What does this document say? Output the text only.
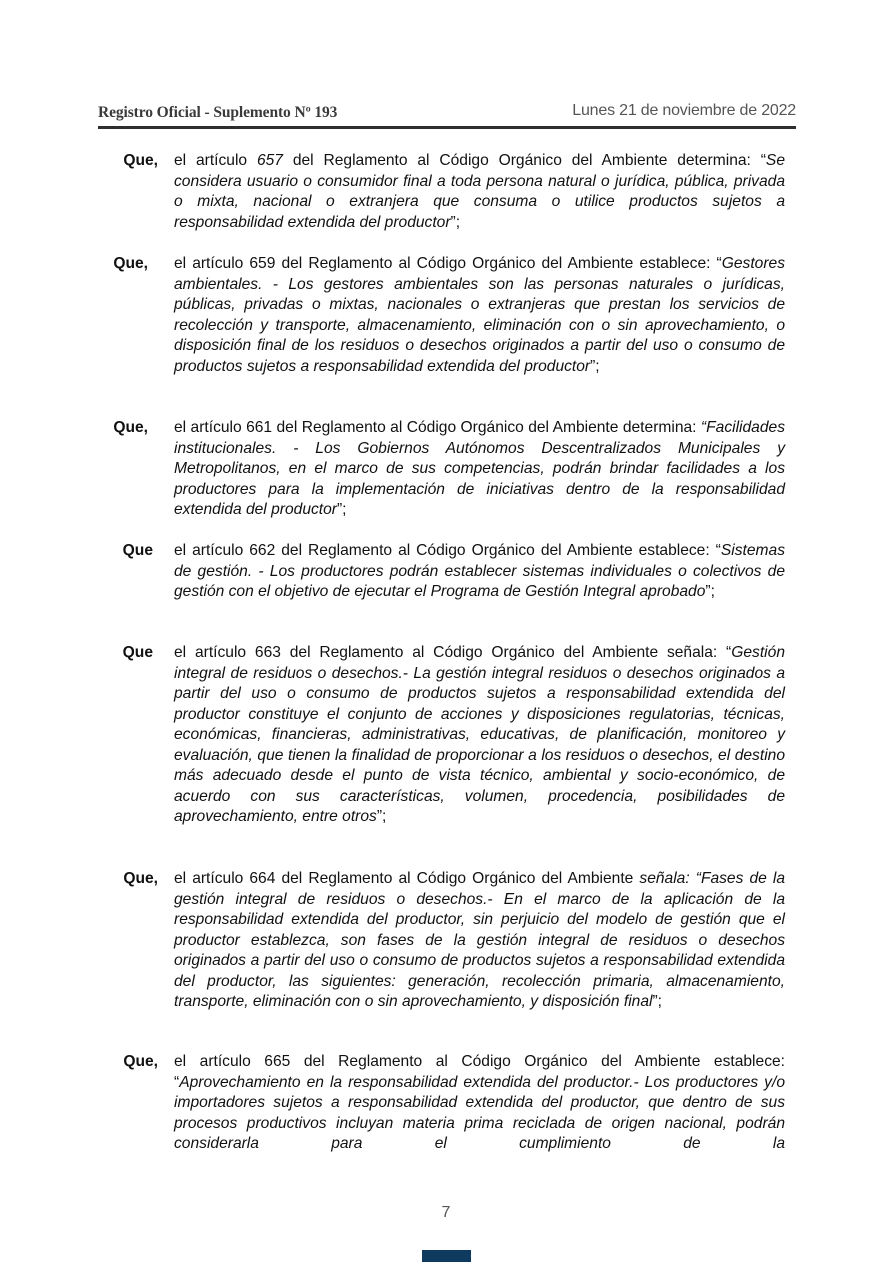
Registro Oficial - Suplemento Nº 193	Lunes 21 de noviembre de 2022
Que, el artículo 657 del Reglamento al Código Orgánico del Ambiente determina: “Se considera usuario o consumidor final a toda persona natural o jurídica, pública, privada o mixta, nacional o extranjera que consuma o utilice productos sujetos a responsabilidad extendida del productor”;
Que, el artículo 659 del Reglamento al Código Orgánico del Ambiente establece: “Gestores ambientales. - Los gestores ambientales son las personas naturales o jurídicas, públicas, privadas o mixtas, nacionales o extranjeras que prestan los servicios de recolección y transporte, almacenamiento, eliminación con o sin aprovechamiento, o disposición final de los residuos o desechos originados a partir del uso o consumo de productos sujetos a responsabilidad extendida del productor”;
Que, el artículo 661 del Reglamento al Código Orgánico del Ambiente determina: “Facilidades institucionales. - Los Gobiernos Autónomos Descentralizados Municipales y Metropolitanos, en el marco de sus competencias, podrán brindar facilidades a los productores para la implementación de iniciativas dentro de la responsabilidad extendida del productor”;
Que el artículo 662 del Reglamento al Código Orgánico del Ambiente establece: “Sistemas de gestión. - Los productores podrán establecer sistemas individuales o colectivos de gestión con el objetivo de ejecutar el Programa de Gestión Integral aprobado”;
Que el artículo 663 del Reglamento al Código Orgánico del Ambiente señala: “Gestión integral de residuos o desechos.- La gestión integral residuos o desechos originados a partir del uso o consumo de productos sujetos a responsabilidad extendida del productor constituye el conjunto de acciones y disposiciones regulatorias, técnicas, económicas, financieras, administrativas, educativas, de planificación, monitoreo y evaluación, que tienen la finalidad de proporcionar a los residuos o desechos, el destino más adecuado desde el punto de vista técnico, ambiental y socio-económico, de acuerdo con sus características, volumen, procedencia, posibilidades de aprovechamiento, entre otros”;
Que, el artículo 664 del Reglamento al Código Orgánico del Ambiente señala: “Fases de la gestión integral de residuos o desechos.- En el marco de la aplicación de la responsabilidad extendida del productor, sin perjuicio del modelo de gestión que el productor establezca, son fases de la gestión integral de residuos o desechos originados a partir del uso o consumo de productos sujetos a responsabilidad extendida del productor, las siguientes: generación, recolección primaria, almacenamiento, transporte, eliminación con o sin aprovechamiento, y disposición final”;
Que, el artículo 665 del Reglamento al Código Orgánico del Ambiente establece: “Aprovechamiento en la responsabilidad extendida del productor.- Los productores y/o importadores sujetos a responsabilidad extendida del productor, que dentro de sus procesos productivos incluyan materia prima reciclada de origen nacional, podrán considerarla para el cumplimiento de la
7
